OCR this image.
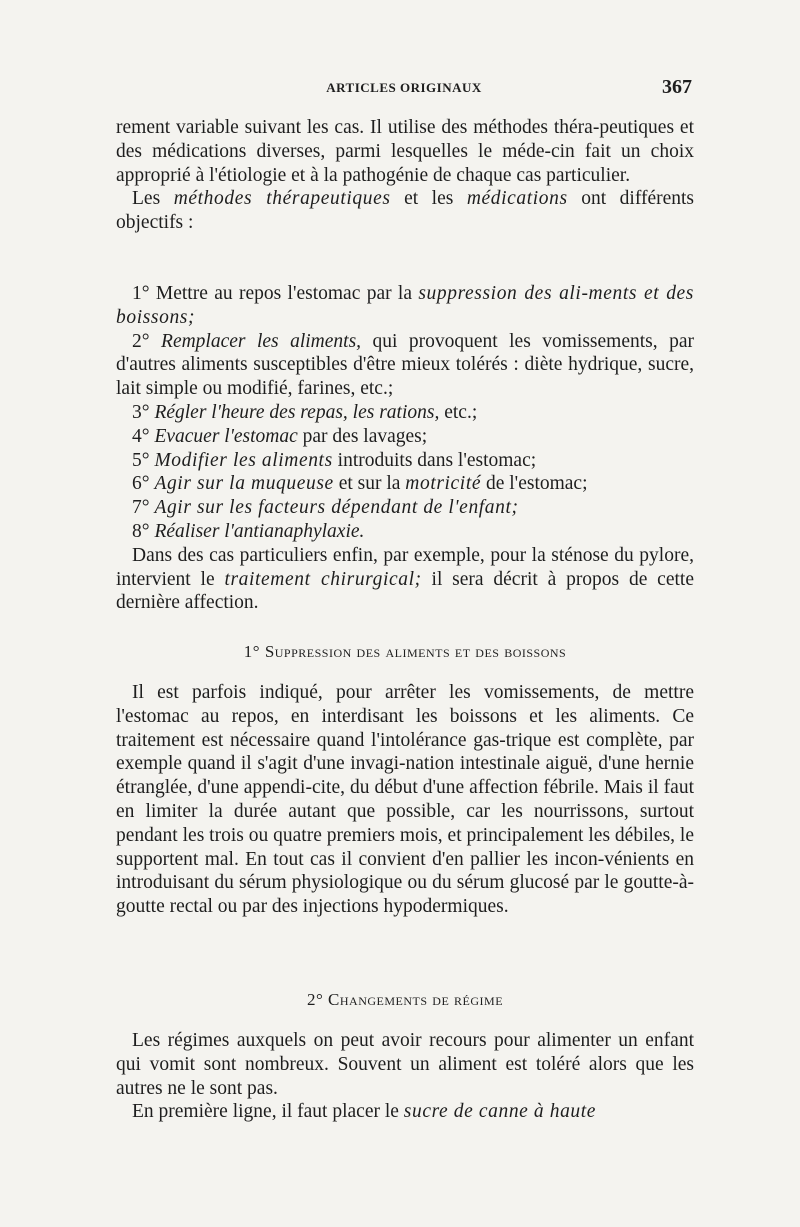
ARTICLES ORIGINAUX	367

rement variable suivant les cas. Il utilise des méthodes théra-peutiques et des médications diverses, parmi lesquelles le méde-cin fait un choix approprié à l'étiologie et à la pathogénie de chaque cas particulier.

Les méthodes thérapeutiques et les médications ont différents objectifs :

1° Mettre au repos l'estomac par la suppression des ali-ments et des boissons;

2° Remplacer les aliments, qui provoquent les vomissements, par d'autres aliments susceptibles d'être mieux tolérés : diète hydrique, sucre, lait simple ou modifié, farines, etc.;

3° Régler l'heure des repas, les rations, etc.;

4° Evacuer l'estomac par des lavages;

5° Modifier les aliments introduits dans l'estomac;

6° Agir sur la muqueuse et sur la motricité de l'estomac;

7° Agir sur les facteurs dépendant de l'enfant;

8° Réaliser l'antianaphylaxie.

Dans des cas particuliers enfin, par exemple, pour la sténose du pylore, intervient le traitement chirurgical; il sera décrit à propos de cette dernière affection.

1° Suppression des aliments et des boissons

Il est parfois indiqué, pour arrêter les vomissements, de mettre l'estomac au repos, en interdisant les boissons et les aliments. Ce traitement est nécessaire quand l'intolérance gas-trique est complète, par exemple quand il s'agit d'une invagi-nation intestinale aiguë, d'une hernie étranglée, d'une appendi-cite, du début d'une affection fébrile. Mais il faut en limiter la durée autant que possible, car les nourrissons, surtout pendant les trois ou quatre premiers mois, et principalement les débiles, le supportent mal. En tout cas il convient d'en pallier les incon-vénients en introduisant du sérum physiologique ou du sérum glucosé par le goutte-à-goutte rectal ou par des injections hypodermiques.

2° Changements de régime

Les régimes auxquels on peut avoir recours pour alimenter un enfant qui vomit sont nombreux. Souvent un aliment est toléré alors que les autres ne le sont pas.

En première ligne, il faut placer le sucre de canne à haute
